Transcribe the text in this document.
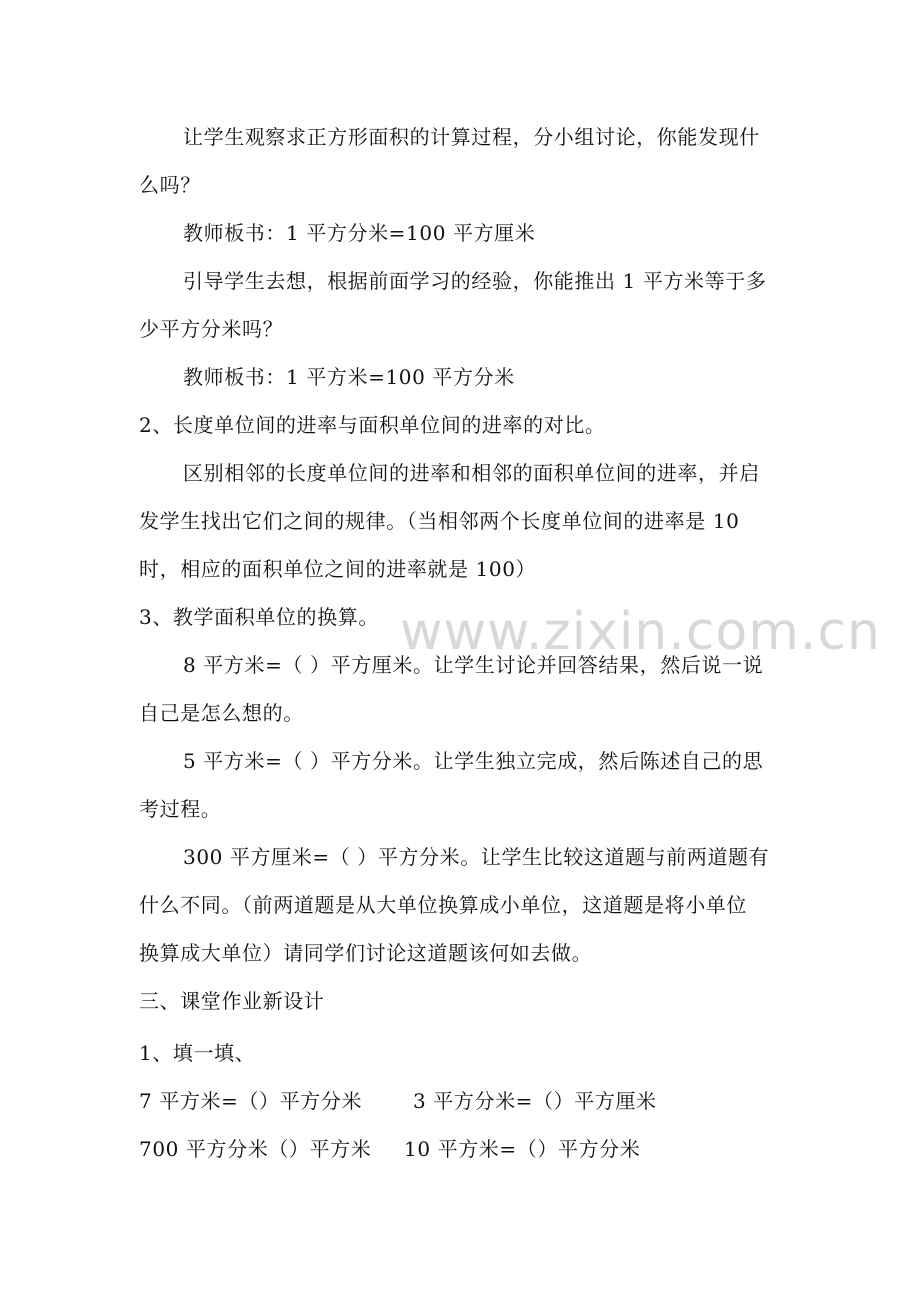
让学生观察求正方形面积的计算过程，分小组讨论，你能发现什
么吗？
教师板书：1 平方分米=100 平方厘米
引导学生去想，根据前面学习的经验，你能推出 1 平方米等于多
少平方分米吗？
教师板书：1 平方米=100 平方分米
2、长度单位间的进率与面积单位间的进率的对比。
区别相邻的长度单位间的进率和相邻的面积单位间的进率，并启
发学生找出它们之间的规律。（当相邻两个长度单位间的进率是 10
时，相应的面积单位之间的进率就是 100）
3、教学面积单位的换算。
8 平方米=（ ）平方厘米。让学生讨论并回答结果，然后说一说
自己是怎么想的。
5 平方米=（ ）平方分米。让学生独立完成，然后陈述自己的思
考过程。
300 平方厘米=（ ）平方分米。让学生比较这道题与前两道题有
什么不同。（前两道题是从大单位换算成小单位，这道题是将小单位
换算成大单位）请同学们讨论这道题该何如去做。
三、课堂作业新设计
1、填一填、
7 平方米=（）平方分米	3 平方分米=（）平方厘米
700 平方分米（）平方米 10 平方米=（）平方分米
www.zixin.com.cn
